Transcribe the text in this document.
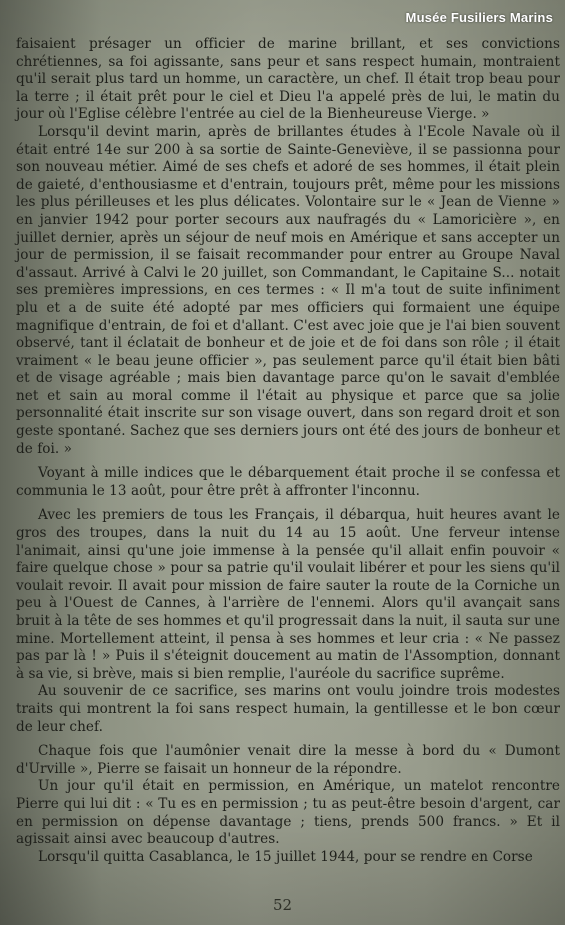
Musée Fusiliers Marins

faisaient présager un officier de marine brillant, et ses convictions chrétiennes, sa foi agissante, sans peur et sans respect humain, montraient qu'il serait plus tard un homme, un caractère, un chef. Il était trop beau pour la terre ; il était prêt pour le ciel et Dieu l'a appelé près de lui, le matin du jour où l'Eglise célèbre l'entrée au ciel de la Bienheureuse Vierge. »

Lorsqu'il devint marin, après de brillantes études à l'Ecole Navale où il était entré 14e sur 200 à sa sortie de Sainte-Geneviève, il se passionna pour son nouveau métier. Aimé de ses chefs et adoré de ses hommes, il était plein de gaieté, d'enthousiasme et d'entrain, toujours prêt, même pour les missions les plus périlleuses et les plus délicates. Volontaire sur le « Jean de Vienne » en janvier 1942 pour porter secours aux naufragés du « Lamoricière », en juillet dernier, après un séjour de neuf mois en Amérique et sans accepter un jour de permission, il se faisait recommander pour entrer au Groupe Naval d'assaut. Arrivé à Calvi le 20 juillet, son Commandant, le Capitaine S... notait ses premières impressions, en ces termes : « Il m'a tout de suite infiniment plu et a de suite été adopté par mes officiers qui formaient une équipe magnifique d'entrain, de foi et d'allant. C'est avec joie que je l'ai bien souvent observé, tant il éclatait de bonheur et de joie et de foi dans son rôle ; il était vraiment « le beau jeune officier », pas seulement parce qu'il était bien bâti et de visage agréable ; mais bien davantage parce qu'on le savait d'emblée net et sain au moral comme il l'était au physique et parce que sa jolie personnalité était inscrite sur son visage ouvert, dans son regard droit et son geste spontané. Sachez que ses derniers jours ont été des jours de bonheur et de foi. »

Voyant à mille indices que le débarquement était proche il se confessa et communia le 13 août, pour être prêt à affronter l'inconnu.

Avec les premiers de tous les Français, il débarqua, huit heures avant le gros des troupes, dans la nuit du 14 au 15 août. Une ferveur intense l'animait, ainsi qu'une joie immense à la pensée qu'il allait enfin pouvoir « faire quelque chose » pour sa patrie qu'il voulait libérer et pour les siens qu'il voulait revoir. Il avait pour mission de faire sauter la route de la Corniche un peu à l'Ouest de Cannes, à l'arrière de l'ennemi. Alors qu'il avançait sans bruit à la tête de ses hommes et qu'il progressait dans la nuit, il sauta sur une mine. Mortellement atteint, il pensa à ses hommes et leur cria : « Ne passez pas par là ! » Puis il s'éteignit doucement au matin de l'Assomption, donnant à sa vie, si brève, mais si bien remplie, l'auréole du sacrifice suprême.

Au souvenir de ce sacrifice, ses marins ont voulu joindre trois modestes traits qui montrent la foi sans respect humain, la gentillesse et le bon cœur de leur chef.

Chaque fois que l'aumônier venait dire la messe à bord du « Dumont d'Urville », Pierre se faisait un honneur de la répondre.

Un jour qu'il était en permission, en Amérique, un matelot rencontre Pierre qui lui dit : « Tu es en permission ; tu as peut-être besoin d'argent, car en permission on dépense davantage ; tiens, prends 500 francs. » Et il agissait ainsi avec beaucoup d'autres.

Lorsqu'il quitta Casablanca, le 15 juillet 1944, pour se rendre en Corse

52
